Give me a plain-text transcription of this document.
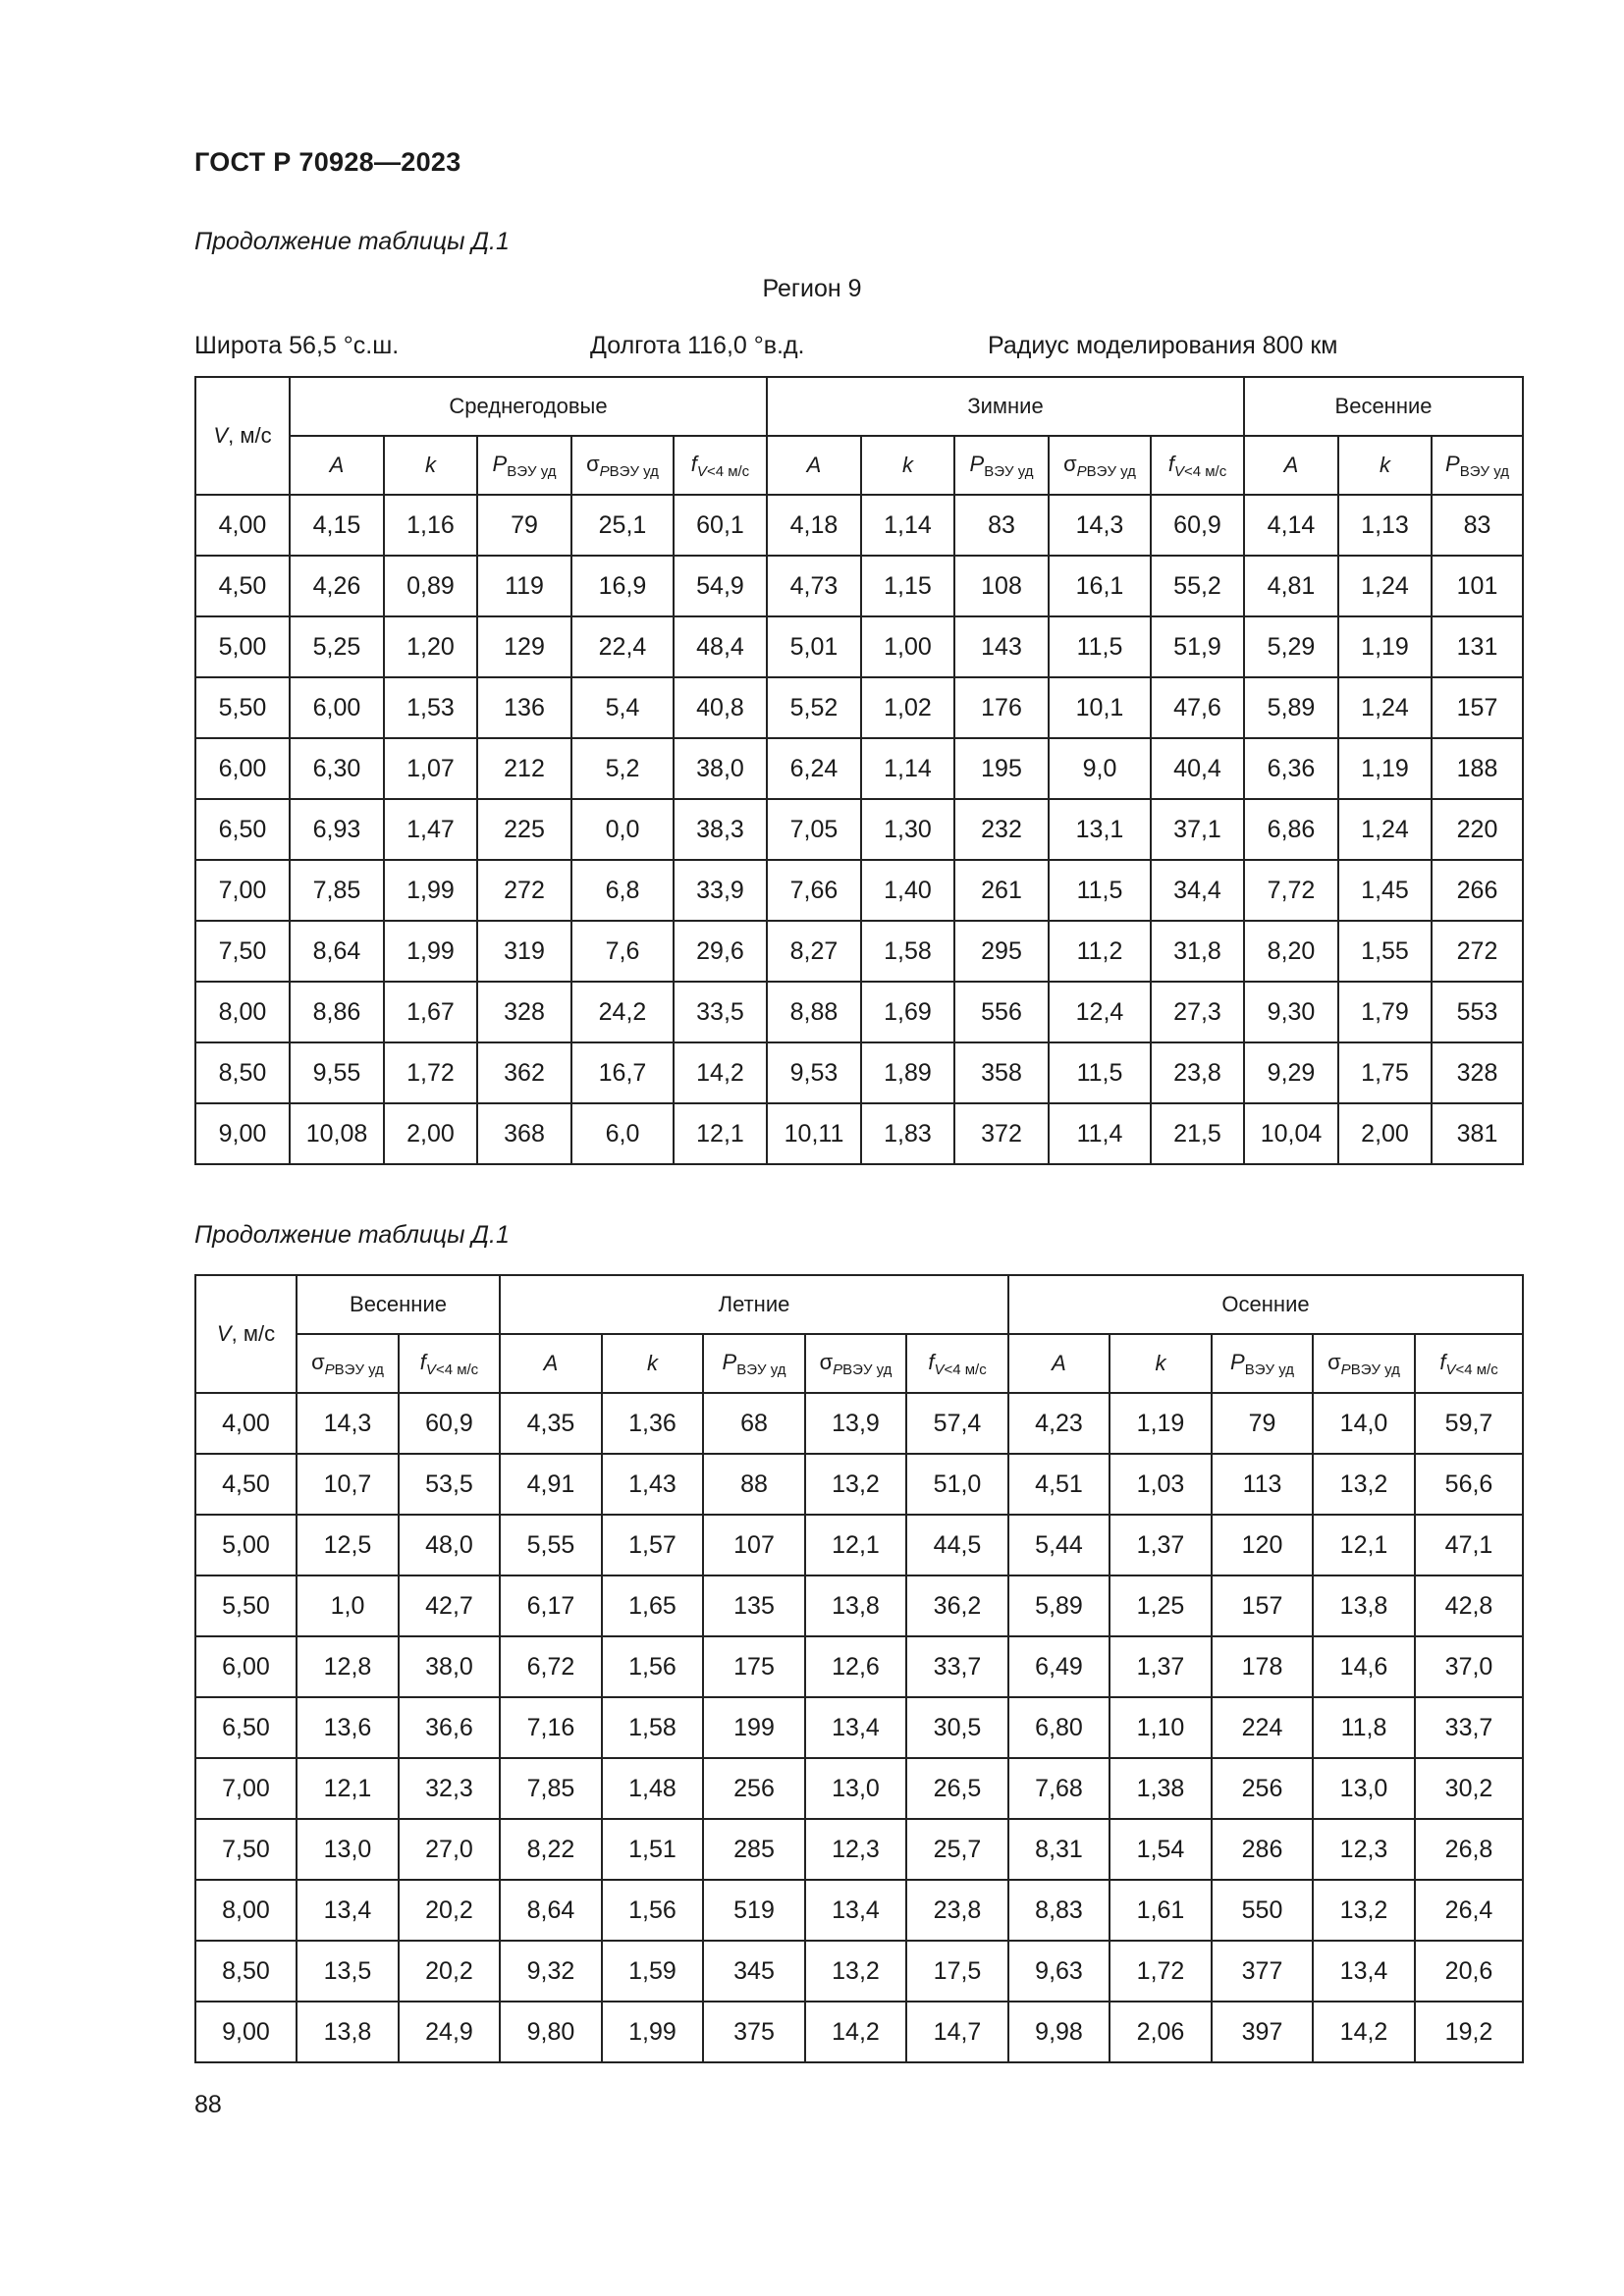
ГОСТ Р 70928—2023
Продолжение таблицы Д.1
Регион 9
Широта 56,5 °с.ш.	Долгота 116,0 °в.д.	Радиус моделирования 800 км
V, м/с	Среднегодовые					Зимние					Весенние		
	A	k	$P_{ВЭУ уд}$	$\sigma_{PВЭУ уд}$	$f_{V<4 м/с}$	A	k	$P_{ВЭУ уд}$	$\sigma_{PВЭУ уд}$	$f_{V<4 м/с}$	A	k	$P_{ВЭУ уд}$
4,00	4,15	1,16	79	25,1	60,1	4,18	1,14	83	14,3	60,9	4,14	1,13	83
4,50	4,26	0,89	119	16,9	54,9	4,73	1,15	108	16,1	55,2	4,81	1,24	101
5,00	5,25	1,20	129	22,4	48,4	5,01	1,00	143	11,5	51,9	5,29	1,19	131
5,50	6,00	1,53	136	5,4	40,8	5,52	1,02	176	10,1	47,6	5,89	1,24	157
6,00	6,30	1,07	212	5,2	38,0	6,24	1,14	195	9,0	40,4	6,36	1,19	188
6,50	6,93	1,47	225	0,0	38,3	7,05	1,30	232	13,1	37,1	6,86	1,24	220
7,00	7,85	1,99	272	6,8	33,9	7,66	1,40	261	11,5	34,4	7,72	1,45	266
7,50	8,64	1,99	319	7,6	29,6	8,27	1,58	295	11,2	31,8	8,20	1,55	272
8,00	8,86	1,67	328	24,2	33,5	8,88	1,69	556	12,4	27,3	9,30	1,79	553
8,50	9,55	1,72	362	16,7	14,2	9,53	1,89	358	11,5	23,8	9,29	1,75	328
9,00	10,08	2,00	368	6,0	12,1	10,11	1,83	372	11,4	21,5	10,04	2,00	381
Продолжение таблицы Д.1
V, м/с	Весенние		Летние					Осенние				
	$\sigma_{PВЭУ уд}$	$f_{V<4 м/с}$	A	k	$P_{ВЭУ уд}$	$\sigma_{PВЭУ уд}$	$f_{V<4 м/с}$	A	k	$P_{ВЭУ уд}$	$\sigma_{PВЭУ уд}$	$f_{V<4 м/с}$
4,00	14,3	60,9	4,35	1,36	68	13,9	57,4	4,23	1,19	79	14,0	59,7
4,50	10,7	53,5	4,91	1,43	88	13,2	51,0	4,51	1,03	113	13,2	56,6
5,00	12,5	48,0	5,55	1,57	107	12,1	44,5	5,44	1,37	120	12,1	47,1
5,50	1,0	42,7	6,17	1,65	135	13,8	36,2	5,89	1,25	157	13,8	42,8
6,00	12,8	38,0	6,72	1,56	175	12,6	33,7	6,49	1,37	178	14,6	37,0
6,50	13,6	36,6	7,16	1,58	199	13,4	30,5	6,80	1,10	224	11,8	33,7
7,00	12,1	32,3	7,85	1,48	256	13,0	26,5	7,68	1,38	256	13,0	30,2
7,50	13,0	27,0	8,22	1,51	285	12,3	25,7	8,31	1,54	286	12,3	26,8
8,00	13,4	20,2	8,64	1,56	519	13,4	23,8	8,83	1,61	550	13,2	26,4
8,50	13,5	20,2	9,32	1,59	345	13,2	17,5	9,63	1,72	377	13,4	20,6
9,00	13,8	24,9	9,80	1,99	375	14,2	14,7	9,98	2,06	397	14,2	19,2
88
